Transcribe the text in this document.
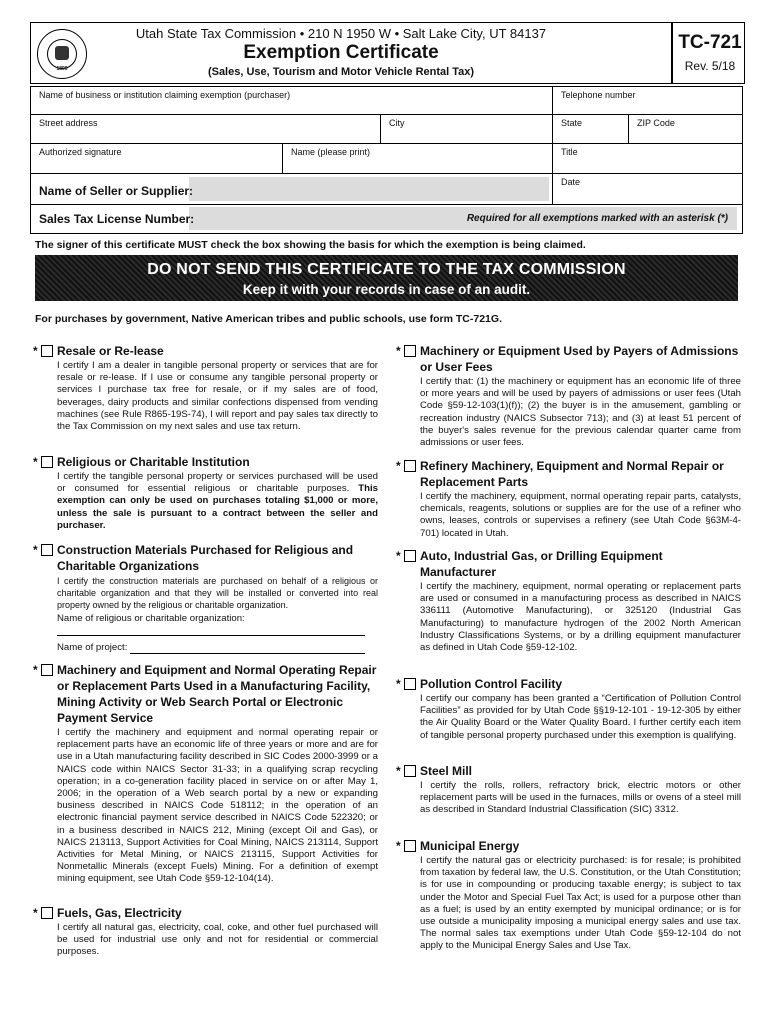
1896
Utah State Tax Commission • 210 N 1950 W • Salt Lake City, UT 84137
Exemption Certificate
(Sales, Use, Tourism and Motor Vehicle Rental Tax)
TC-721
Rev. 5/18
Name of business or institution claiming exemption (purchaser)	Telephone number
Street address	City	State	ZIP Code
Authorized signature	Name (please print)	Title
Name of Seller or Supplier:
Date
Sales Tax License Number:	Required for all exemptions marked with an asterisk (*)
The signer of this certificate MUST check the box showing the basis for which the exemption is being claimed.
DO NOT SEND THIS CERTIFICATE TO THE TAX COMMISSION
Keep it with your records in case of an audit.
For purchases by government, Native American tribes and public schools, use form TC-721G.
* Resale or Re-lease
I certify I am a dealer in tangible personal property or services that are for resale or re-lease. If I use or consume any tangible personal property or services I purchase tax free for resale, or if my sales are of food, beverages, dairy products and similar confections dispensed from vending machines (see Rule R865-19S-74), I will report and pay sales tax directly to the Tax Commission on my next sales and use tax return.
* Religious or Charitable Institution
I certify the tangible personal property or services purchased will be used or consumed for essential religious or charitable purposes. This exemption can only be used on purchases totaling $1,000 or more, unless the sale is pursuant to a contract between the seller and purchaser.
* Construction Materials Purchased for Religious and Charitable Organizations
I certify the construction materials are purchased on behalf of a religious or charitable organization and that they will be installed or converted into real property owned by the religious or charitable organization.
Name of religious or charitable organization:
Name of project:
* Machinery and Equipment and Normal Operating Repair or Replacement Parts Used in a Manufacturing Facility, Mining Activity or Web Search Portal or Electronic Payment Service
I certify the machinery and equipment and normal operating repair or replacement parts have an economic life of three years or more and are for use in a Utah manufacturing facility described in SIC Codes 2000-3999 or a NAICS code within NAICS Sector 31-33; in a qualifying scrap recycling operation; in a co-generation facility placed in service on or after May 1, 2006; in the operation of a Web search portal by a new or expanding business described in NAICS Code 518112; in the operation of an electronic financial payment service described in NAICS Code 522320; or in a business described in NAICS 212, Mining (except Oil and Gas), or NAICS 213113, Support Activities for Coal Mining, NAICS 213114, Support Activities for Metal Mining, or NAICS 213115, Support Activities for Nonmetallic Minerals (except Fuels) Mining. For a definition of exempt mining equipment, see Utah Code §59-12-104(14).
* Fuels, Gas, Electricity
I certify all natural gas, electricity, coal, coke, and other fuel purchased will be used for industrial use only and not for residential or commercial purposes.
* Machinery or Equipment Used by Payers of Admissions or User Fees
I certify that: (1) the machinery or equipment has an economic life of three or more years and will be used by payers of admissions or user fees (Utah Code §59-12-103(1)(f)); (2) the buyer is in the amusement, gambling or recreation industry (NAICS Subsector 713); and (3) at least 51 percent of the buyer's sales revenue for the previous calendar quarter came from admissions or user fees.
* Refinery Machinery, Equipment and Normal Repair or Replacement Parts
I certify the machinery, equipment, normal operating repair parts, catalysts, chemicals, reagents, solutions or supplies are for the use of a refiner who owns, leases, controls or supervises a refinery (see Utah Code §63M-4-701) located in Utah.
* Auto, Industrial Gas, or Drilling Equipment Manufacturer
I certify the machinery, equipment, normal operating or replacement parts are used or consumed in a manufacturing process as described in NAICS 336111 (Automotive Manufacturing), or 325120 (Industrial Gas Manufacturing) to manufacture hydrogen of the 2002 North American Industry Classifications Systems, or by a drilling equipment manufacturer as defined in Utah Code §59-12-102.
* Pollution Control Facility
I certify our company has been granted a “Certification of Pollution Control Facilities” as provided for by Utah Code §§19-12-101 - 19-12-305 by either the Air Quality Board or the Water Quality Board. I further certify each item of tangible personal property purchased under this exemption is qualifying.
* Steel Mill
I certify the rolls, rollers, refractory brick, electric motors or other replacement parts will be used in the furnaces, mills or ovens of a steel mill as described in Standard Industrial Classification (SIC) 3312.
* Municipal Energy
I certify the natural gas or electricity purchased: is for resale; is prohibited from taxation by federal law, the U.S. Constitution, or the Utah Constitution; is for use in compounding or producing taxable energy; is subject to tax under the Motor and Special Fuel Tax Act; is used for a purpose other than as a fuel; is used by an entity exempted by municipal ordinance; or is for use outside a municipality imposing a municipal energy sales and use tax. The normal sales tax exemptions under Utah Code §59-12-104 do not apply to the Municipal Energy Sales and Use Tax.
